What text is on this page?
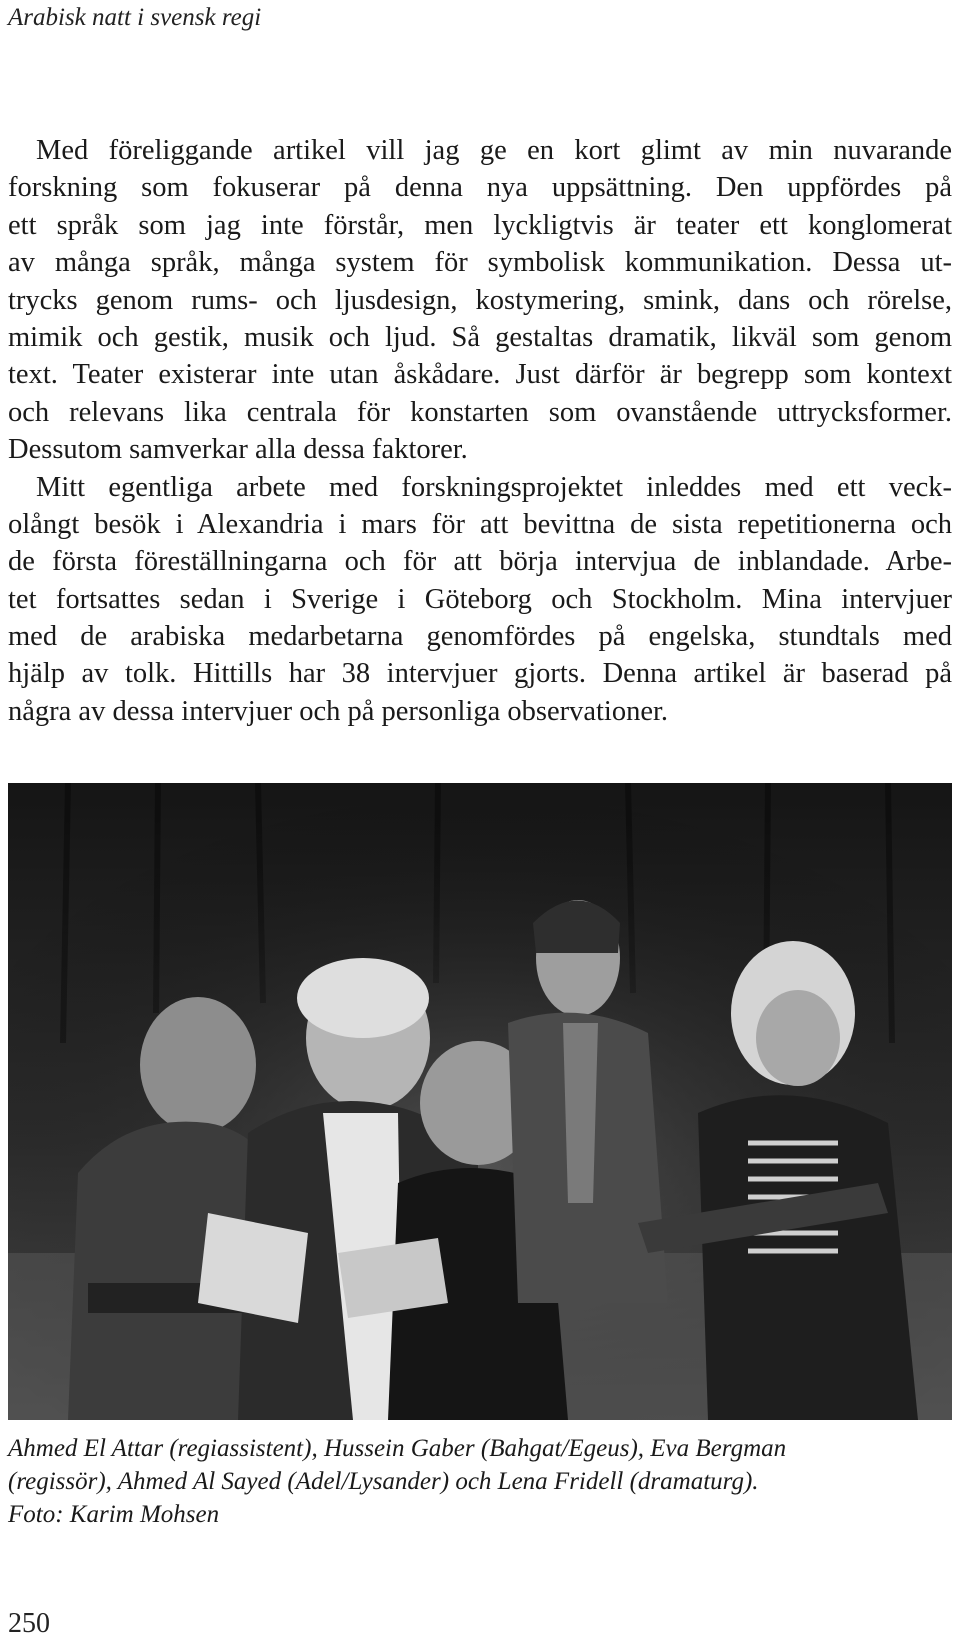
Arabisk natt i svensk regi
Med föreliggande artikel vill jag ge en kort glimt av min nuvarande
forskning som fokuserar på denna nya uppsättning. Den uppfördes på
ett språk som jag inte förstår, men lyckligtvis är teater ett konglomerat
av många språk, många system för symbolisk kommunikation. Dessa ut-
trycks genom rums- och ljusdesign, kostymering, smink, dans och rörelse,
mimik och gestik, musik och ljud. Så gestaltas dramatik, likväl som genom
text. Teater existerar inte utan åskådare. Just därför är begrepp som kontext
och relevans lika centrala för konstarten som ovanstående uttrycksformer.
Dessutom samverkar alla dessa faktorer.
Mitt egentliga arbete med forskningsprojektet inleddes med ett veck-
olångt besök i Alexandria i mars för att bevittna de sista repetitionerna och
de första föreställningarna och för att börja intervjua de inblandade. Arbe-
tet fortsattes sedan i Sverige i Göteborg och Stockholm. Mina intervjuer
med de arabiska medarbetarna genomfördes på engelska, stundtals med
hjälp av tolk. Hittills har 38 intervjuer gjorts. Denna artikel är baserad på
några av dessa intervjuer och på personliga observationer.
Ahmed El Attar (regiassistent), Hussein Gaber (Bahgat/Egeus), Eva Bergman
(regissör), Ahmed Al Sayed (Adel/Lysander) och Lena Fridell (dramaturg).
Foto: Karim Mohsen
250
